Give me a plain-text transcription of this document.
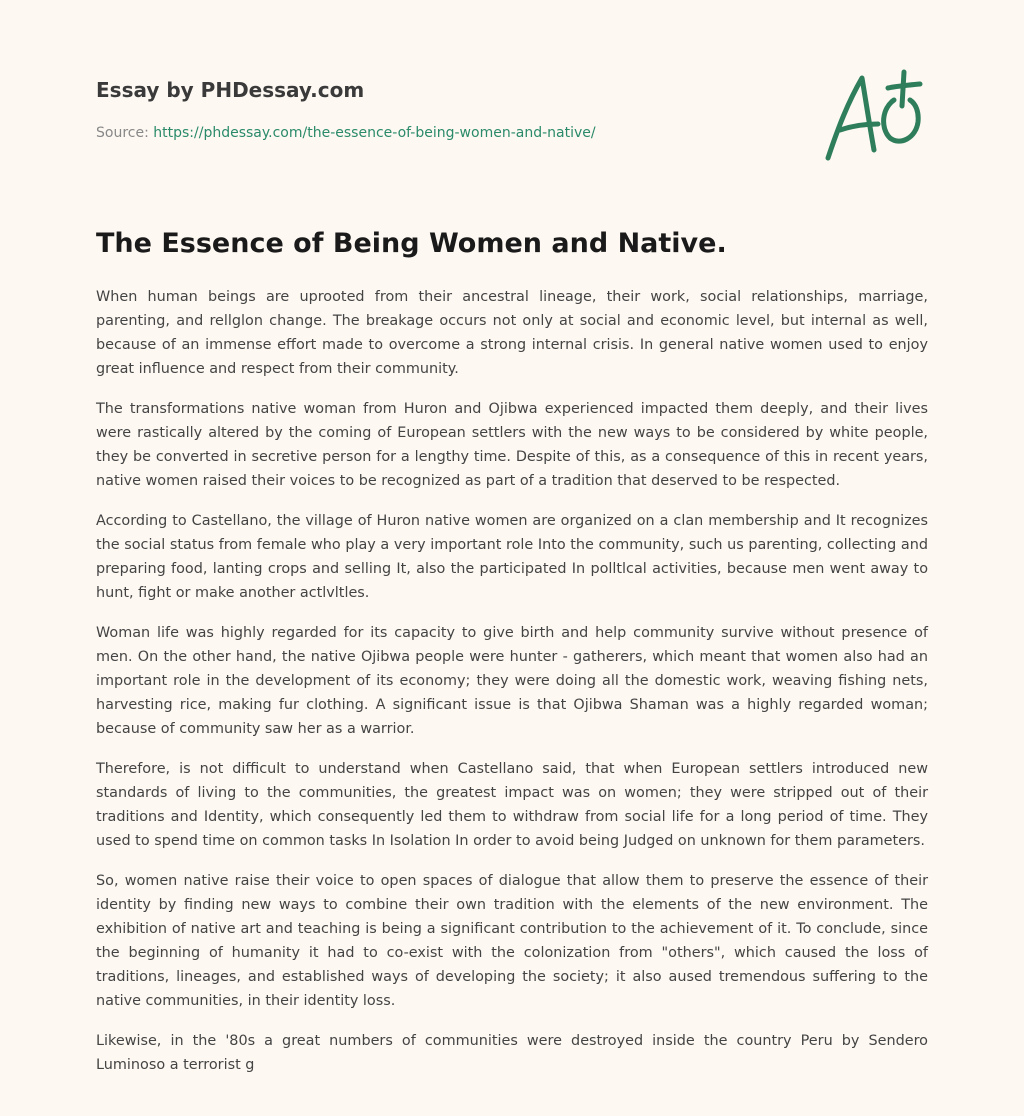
Essay by PHDessay.com
Source: https://phdessay.com/the-essence-of-being-women-and-native/
The Essence of Being Women and Native.

When human beings are uprooted from their ancestral lineage, their work, social relationships, marriage, parenting, and rellglon change. The breakage occurs not only at social and economic level, but internal as well, because of an immense effort made to overcome a strong internal crisis. In general native women used to enjoy great influence and respect from their community.

The transformations native woman from Huron and Ojibwa experienced impacted them deeply, and their lives were rastically altered by the coming of European settlers with the new ways to be considered by white people, they be converted in secretive person for a lengthy time. Despite of this, as a consequence of this in recent years, native women raised their voices to be recognized as part of a tradition that deserved to be respected.

According to Castellano, the village of Huron native women are organized on a clan membership and It recognizes the social status from female who play a very important role Into the community, such us parenting, collecting and preparing food, lanting crops and selling It, also the participated In polltlcal activities, because men went away to hunt, fight or make another actlvltles.

Woman life was highly regarded for its capacity to give birth and help community survive without presence of men. On the other hand, the native Ojibwa people were hunter - gatherers, which meant that women also had an important role in the development of its economy; they were doing all the domestic work, weaving fishing nets, harvesting rice, making fur clothing. A significant issue is that Ojibwa Shaman was a highly regarded woman; because of community saw her as a warrior.

Therefore, is not difficult to understand when Castellano said, that when European settlers introduced new standards of living to the communities, the greatest impact was on women; they were stripped out of their traditions and Identity, which consequently led them to withdraw from social life for a long period of time. They used to spend time on common tasks In Isolation In order to avoid being Judged on unknown for them parameters.

So, women native raise their voice to open spaces of dialogue that allow them to preserve the essence of their identity by finding new ways to combine their own tradition with the elements of the new environment. The exhibition of native art and teaching is being a significant contribution to the achievement of it. To conclude, since the beginning of humanity it had to co-exist with the colonization from "others", which caused the loss of traditions, lineages, and established ways of developing the society; it also aused tremendous suffering to the native communities, in their identity loss.

Likewise, in the '80s a great numbers of communities were destroyed inside the country Peru by Sendero Luminoso a terrorist g
